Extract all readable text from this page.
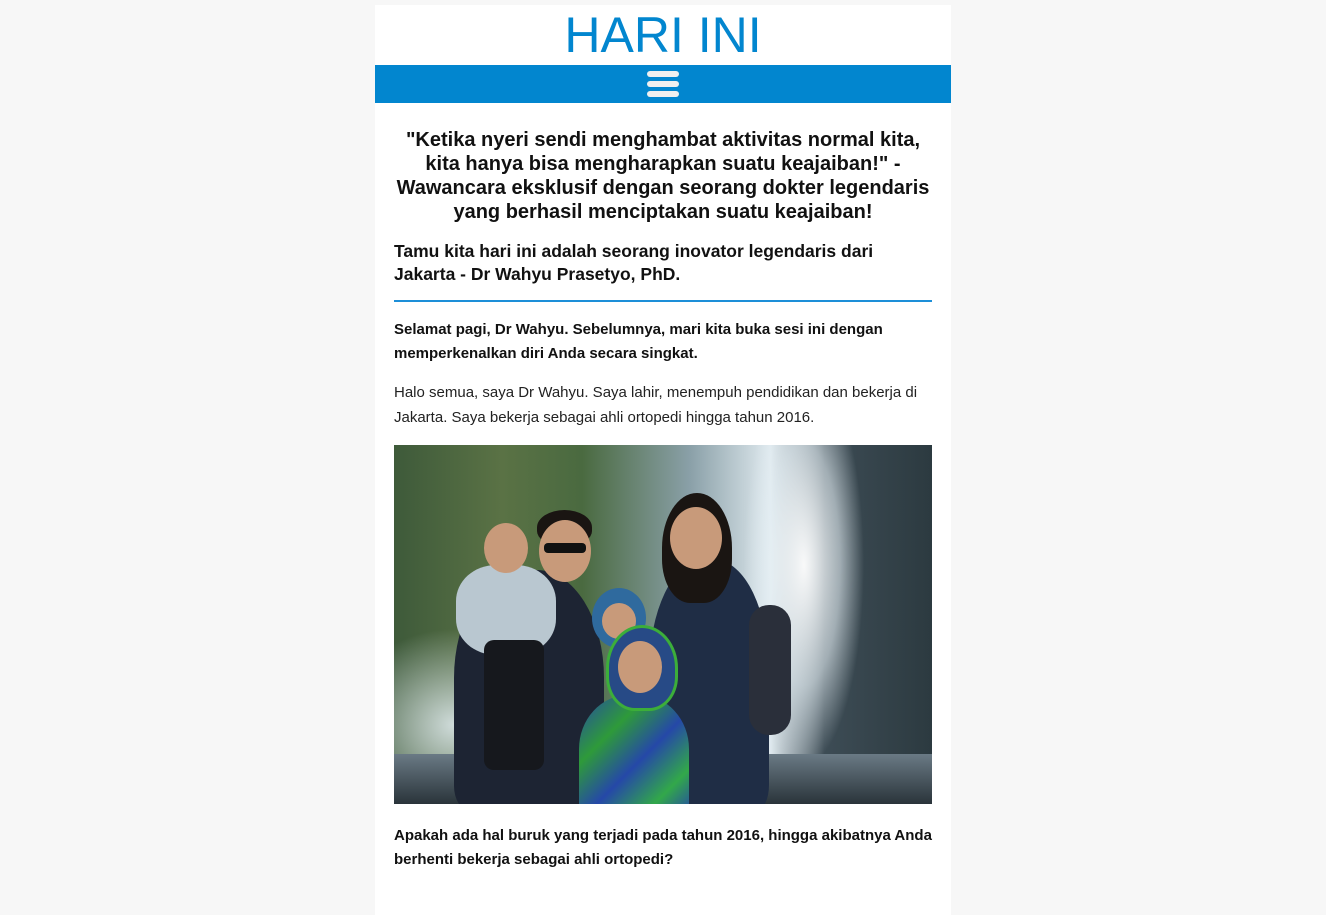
HARI INI
"Ketika nyeri sendi menghambat aktivitas normal kita, kita hanya bisa mengharapkan suatu keajaiban!" - Wawancara eksklusif dengan seorang dokter legendaris yang berhasil menciptakan suatu keajaiban!
Tamu kita hari ini adalah seorang inovator legendaris dari Jakarta - Dr Wahyu Prasetyo, PhD.

Selamat pagi, Dr Wahyu. Sebelumnya, mari kita buka sesi ini dengan memperkenalkan diri Anda secara singkat.

Halo semua, saya Dr Wahyu. Saya lahir, menempuh pendidikan dan bekerja di Jakarta. Saya bekerja sebagai ahli ortopedi hingga tahun 2016.

Apakah ada hal buruk yang terjadi pada tahun 2016, hingga akibatnya Anda berhenti bekerja sebagai ahli ortopedi?
